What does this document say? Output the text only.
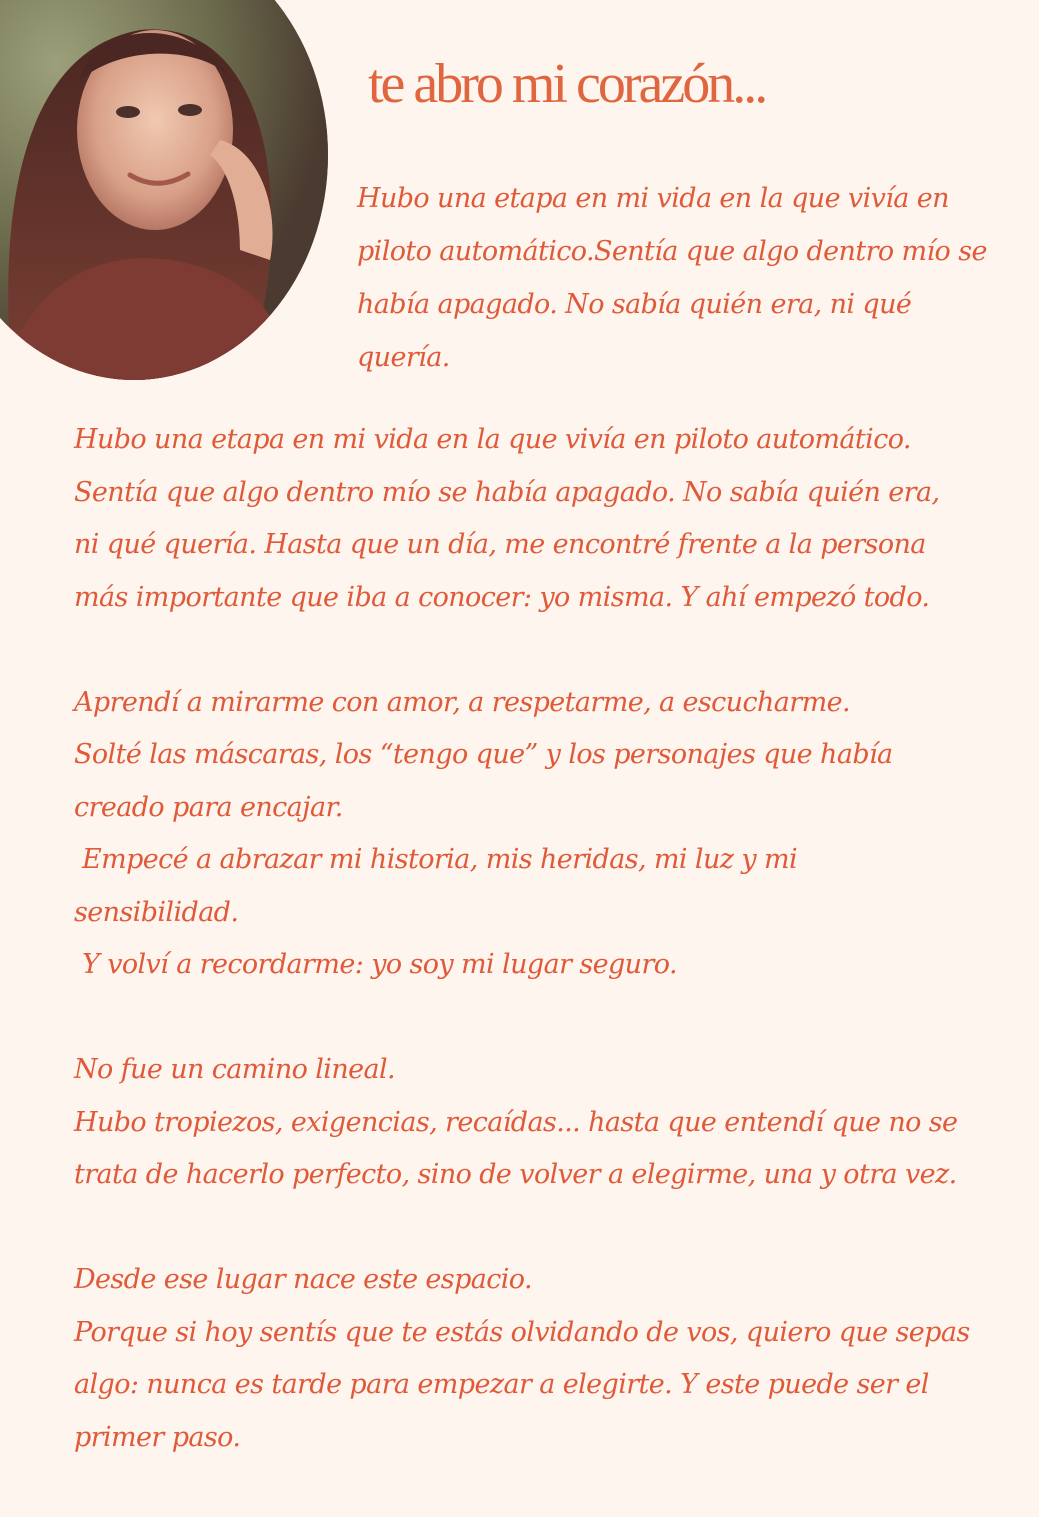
te abro mi corazón...

Hubo una etapa en mi vida en la que vivía en piloto automático.Sentía que algo dentro mío se había apagado. No sabía quién era, ni qué quería.

Hubo una etapa en mi vida en la que vivía en piloto automático.
Sentía que algo dentro mío se había apagado. No sabía quién era,
ni qué quería. Hasta que un día, me encontré frente a la persona
más importante que iba a conocer: yo misma. Y ahí empezó todo.

Aprendí a mirarme con amor, a respetarme, a escucharme.
Solté las máscaras, los “tengo que” y los personajes que había
creado para encajar.
Empecé a abrazar mi historia, mis heridas, mi luz y mi
sensibilidad.
Y volví a recordarme: yo soy mi lugar seguro.

No fue un camino lineal.
Hubo tropiezos, exigencias, recaídas... hasta que entendí que no se
trata de hacerlo perfecto, sino de volver a elegirme, una y otra vez.

Desde ese lugar nace este espacio.
Porque si hoy sentís que te estás olvidando de vos, quiero que sepas
algo: nunca es tarde para empezar a elegirte. Y este puede ser el
primer paso.
